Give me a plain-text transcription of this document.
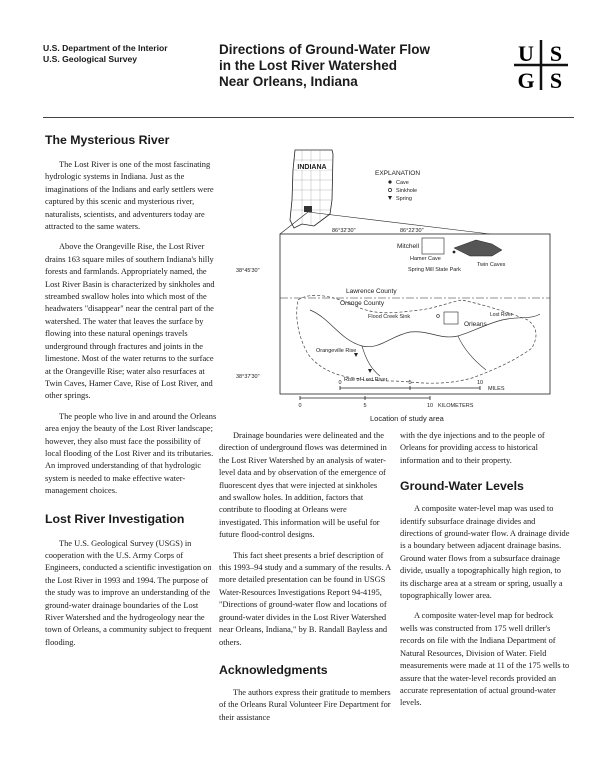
U.S. Department of the Interior
U.S. Geological Survey
Directions of Ground-Water Flow
in the Lost River Watershed
Near Orleans, Indiana
U S
G S
The Mysterious River

The Lost River is one of the most fascinating hydrologic systems in Indiana. Just as the imaginations of the Indians and early settlers were captured by this scenic and mysterious river, naturalists, scientists, and adventurers today are attracted to the same waters.

Above the Orangeville Rise, the Lost River drains 163 square miles of southern Indiana's hilly forests and farmlands. Appropriately named, the Lost River Basin is characterized by sinkholes and streambed swallow holes into which most of the headwaters "disappear" near the central part of the watershed. The water that leaves the surface by flowing into these natural openings travels underground through fractures and joints in the limestone. Most of the water returns to the surface at the Orangeville Rise; water also resurfaces at Twin Caves, Hamer Cave, Rise of Lost River, and other springs.

The people who live in and around the Orleans area enjoy the beauty of the Lost River landscape; however, they also must face the possibility of local flooding of the Lost River and its tributaries. An improved understanding of that hydrologic system is needed to make effective water-management choices.

Lost River Investigation

The U.S. Geological Survey (USGS) in cooperation with the U.S. Army Corps of Engineers, conducted a scientific investigation on the Lost River in 1993 and 1994. The purpose of the study was to improve an understanding of the ground-water drainage boundaries of the Lost River Watershed and the hydrogeology near the town of Orleans, a community subject to frequent flooding.

INDIANA
EXPLANATION
Cave
Sinkhole
Spring
86°32'30"	86°22'30"
38°45'30"
38°37'30"
Lawrence County
Orange County
Mitchell
Hamer Cave
Twin Caves
Spring Mill State Park
Orleans
Flood Creek Sink
Orangeville Rise
Rise of Lost River
Lost River
0	5	10
MILES
0	5	10 KILOMETERS
Location of study area

Drainage boundaries were delineated and the direction of underground flows was determined in the Lost River Watershed by an analysis of water-level data and by observation of the emergence of fluorescent dyes that were injected at sinkholes and swallow holes. In addition, factors that contribute to flooding at Orleans were investigated. This information will be useful for future flood-control designs.

This fact sheet presents a brief description of this 1993–94 study and a summary of the results. A more detailed presentation can be found in USGS Water-Resources Investigations Report 94-4195, "Directions of ground-water flow and locations of ground-water divides in the Lost River Watershed near Orleans, Indiana," by B. Randall Bayless and others.

Acknowledgments

The authors express their gratitude to members of the Orleans Rural Volunteer Fire Department for their assistance

with the dye injections and to the people of Orleans for providing access to historical information and to their property.

Ground-Water Levels

A composite water-level map was used to identify subsurface drainage divides and directions of ground-water flow. A drainage divide is a boundary between adjacent drainage basins. Ground water flows from a subsurface drainage divide, usually a topographically high region, to its discharge area at a stream or spring, usually a topographically lower area.

A composite water-level map for bedrock wells was constructed from 175 well driller's records on file with the Indiana Department of Natural Resources, Division of Water. Field measurements were made at 11 of the 175 wells to assure that the water-level records provided an accurate representation of actual ground-water levels.
